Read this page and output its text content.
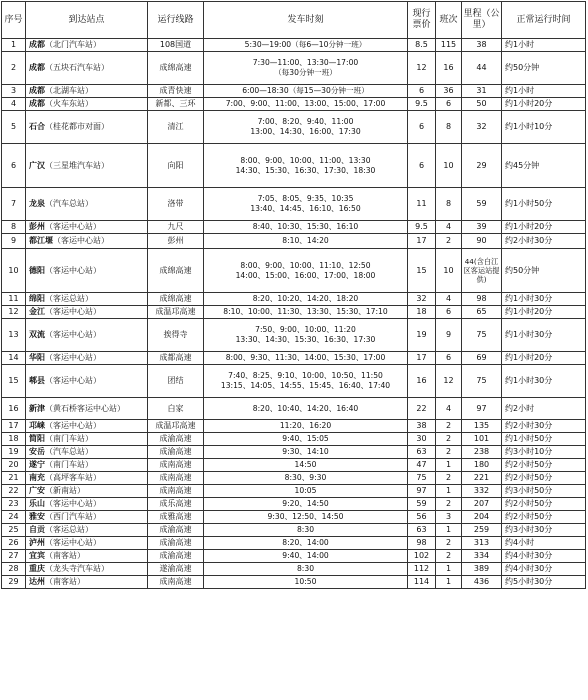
序号	到达站点	运行线路	发车时刻	现行票价	班次	里程（公里）	正常运行时间
1	成都（北门汽车站）	108国道	5:30—19:00（每6—10分钟一班）	8.5	115	38	约1小时
2	成都（五块石汽车站）	成绵高速	7:30—11:00、13:30—17:00
（每30分钟一班）	12	16	44	约50分钟
3	成都（北湖车站）	成青快速	6:00—18:30（每15—30分钟一班）	6	36	31	约1小时
4	成都（火车东站）	新都、三环	7:00、9:00、11:00、13:00、15:00、17:00	9.5	6	50	约1小时20分
5	石合（桂花都市对面）	清江	7:00、8:20、9:40、11:00
13:00、14:30、16:00、17:30	6	8	32	约1小时10分
6	广汉（三星堆汽车站）	向阳	8:00、9:00、10:00、11:00、13:30
14:30、15:30、16:30、17:30、18:30	6	10	29	约45分钟
7	龙泉（汽车总站）	洛带	7:05、8:05、9:35、10:35
13:40、14:45、16:10、16:50	11	8	59	约1小时50分
8	彭州（客运中心站）	九尺	8:40、10:30、15:30、16:10	9.5	4	39	约1小时20分
9	都江堰（客运中心站）	彭州	8:10、14:20	17	2	90	约2小时30分
10	德阳（客运中心站）	成绵高速	8:00、9:00、10:00、11:10、12:50
14:00、15:00、16:00、17:00、18:00	15	10	44(含白江区客运站提供)	约50分钟
11	绵阳（客运总站）	成绵高速	8:20、10:20、14:20、18:20	32	4	98	约1小时30分
12	金江（客运中心站）	成温邛高速	8:10、10:00、11:30、13:30、15:30、17:10	18	6	65	约1小时20分
13	双流（客运中心站）	挨得寺	7:50、9:00、10:00、11:20
13:30、14:30、15:30、16:30、17:30	19	9	75	约1小时30分
14	华阳（客运中心站）	成都高速	8:00、9:30、11:30、14:00、15:30、17:00	17	6	69	约1小时20分
15	郫县（客运中心站）	团结	7:40、8:25、9:10、10:00、10:50、11:50
13:15、14:05、14:55、15:45、16:40、17:40	16	12	75	约1小时30分
16	新津（黄石桥客运中心站）	白家	8:20、10:40、14:20、16:40	22	4	97	约2小时
17	邛崃（客运中心站）	成温邛高速	11:20、16:20	38	2	135	约2小时30分
18	简阳（南门车站）	成渝高速	9:40、15:05	30	2	101	约1小时50分
19	安岳（汽车总站）	成渝高速	9:30、14:10	63	2	238	约3小时10分
20	遂宁（南门车站）	成南高速	14:50	47	1	180	约2小时50分
21	南充（高坪客车站）	成南高速	8:30、9:30	75	2	221	约2小时50分
22	广安（新南站）	成南高速	10:05	97	1	332	约3小时50分
23	乐山（客运中心站）	成乐高速	9:20、14:50	59	2	207	约2小时50分
24	雅安（西门汽车站）	成雅高速	9:30、12:50、14:50	56	3	204	约2小时50分
25	自贡（客运总站）	成渝高速	8:30	63	1	259	约3小时30分
26	泸州（客运中心站）	成渝高速	8:20、14:00	98	2	313	约4小时
27	宜宾（南客站）	成渝高速	9:40、14:00	102	2	334	约4小时30分
28	重庆（龙头寺汽车站）	遂渝高速	8:30	112	1	389	约4小时30分
29	达州（南客站）	成南高速	10:50	114	1	436	约5小时30分
